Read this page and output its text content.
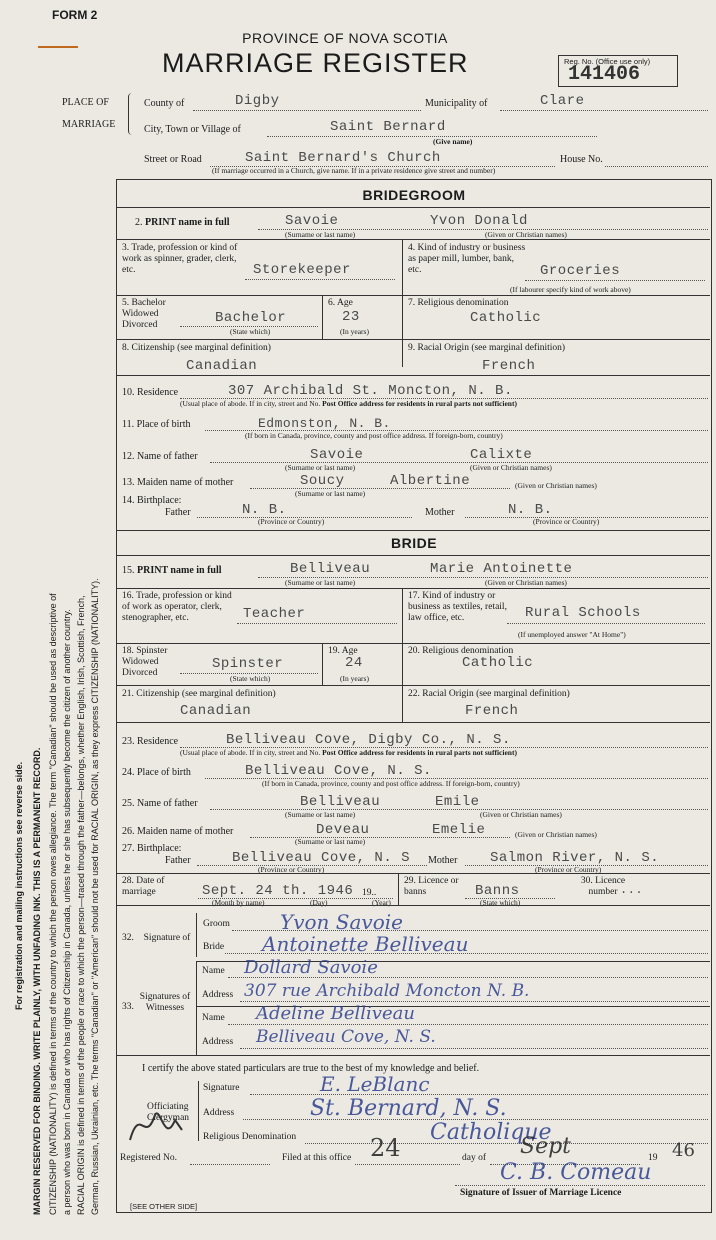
For registration and mailing instructions see reverse side. MARGIN RESERVED FOR BINDING. WRITE PLAINLY, WITH UNFADING INK. THIS IS A PERMANENT RECORD. CITIZENSHIP (NATIONALITY) is defined in terms of the country to which the person owes allegiance. The term "Canadian" should be used as descriptive of a person who was born in Canada or who has rights of Citizenship in Canada, unless he or she has subsequently become the citizen of another country. RACIAL ORIGIN is defined in terms of the people or race to which the person—traced through the father—belongs, whether English, Irish, Scottish, French, German, Russian, Ukrainian, etc. The terms "Canadian" or "American" should not be used for RACIAL ORIGIN, as they express CITIZENSHIP (NATIONALITY).
FORM 2
PROVINCE OF NOVA SCOTIA
MARRIAGE REGISTER	Reg. No. (Office use only)
141406
PLACE OF
MARRIAGE
County of	Digby	Municipality of	Clare
City, Town or Village of	Saint Bernard
(Give name)
Street or Road	Saint Bernard's Church	House No.
(If marriage occurred in a Church, give name. If in a private residence give street and number)
BRIDEGROOM
2. PRINT name in full	Savoie	Yvon Donald
(Surname or last name)	(Given or Christian names)
3. Trade, profession or kind of work as spinner, grader, clerk, etc.	Storekeeper
4. Kind of industry or business as paper mill, lumber, bank, etc.	Groceries
(If labourer specify kind of work above)
5. Bachelor Widowed Divorced	Bachelor
(State which)
6. Age
23
(In years)
7. Religious denomination
Catholic
8. Citizenship (see marginal definition)
Canadian
9. Racial Origin (see marginal definition)
French
10. Residence	307 Archibald St. Moncton, N. B.
(Usual place of abode. If in city, street and No. Post Office address for residents in rural parts not sufficient)
11. Place of birth	Edmonston, N. B.
(If born in Canada, province, county and post office address. If foreign-born, country)
12. Name of father	Savoie	Calixte
(Surname or last name)	(Given or Christian names)
13. Maiden name of mother	Soucy	Albertine	(Given or Christian names)
(Surname or last name)
14. Birthplace:
Father	N. B.
(Province or Country)
Mother	N. B.
(Province or Country)
BRIDE
15. PRINT name in full	Belliveau	Marie Antoinette
(Surname or last name)	(Given or Christian names)
16. Trade, profession or kind of work as operator, clerk, stenographer, etc.	Teacher
17. Kind of industry or business as textiles, retail, law office, etc.	Rural Schools
(If unemployed answer "At Home")
18. Spinster Widowed Divorced
Spinster
(State which)
19. Age
24
(In years)
20. Religious denomination
Catholic
21. Citizenship (see marginal definition)
Canadian
22. Racial Origin (see marginal definition)
French
23. Residence	Belliveau Cove, Digby Co., N. S.
(Usual place of abode. If in city, street and No. Post Office address for residents in rural parts not sufficient)
24. Place of birth	Belliveau Cove, N. S.
(If born in Canada, province, county and post office address. If foreign-born, country)
25. Name of father	Belliveau	Emile
(Surname or last name)	(Given or Christian names)
26. Maiden name of mother	Deveau	Emelie	(Given or Christian names)
(Surname or last name)
27. Birthplace:
Father	Belliveau Cove, N. S
(Province or Country)
Mother Salmon River, N. S.
(Province or Country)
28. Date of marriage	Sept. 24 th. 1946 19..
(Month by name)	(Day)	(Year)
29. Licence or banns	Banns
(State which)
30. Licence number ...
32. Signature of
Groom	Yvon Savoie
Bride Antoinette Belliveau
33.
Signatures of Witnesses
Name Dollard Savoie
Address 307 rue Archibald Moncton N. B.
Name Adeline Belliveau
Address Belliveau Cove, N. S.
I certify the above stated particulars are true to the best of my knowledge and belief.
Officiating Clergyman
Signature	E. LeBlanc
Address	St. Bernard, N. S.
Religious Denomination	Catholique
Registered No.	Filed at this office 24	day of Sept	19 46
C. B. Comeau
Signature of Issuer of Marriage Licence
[SEE OTHER SIDE]
